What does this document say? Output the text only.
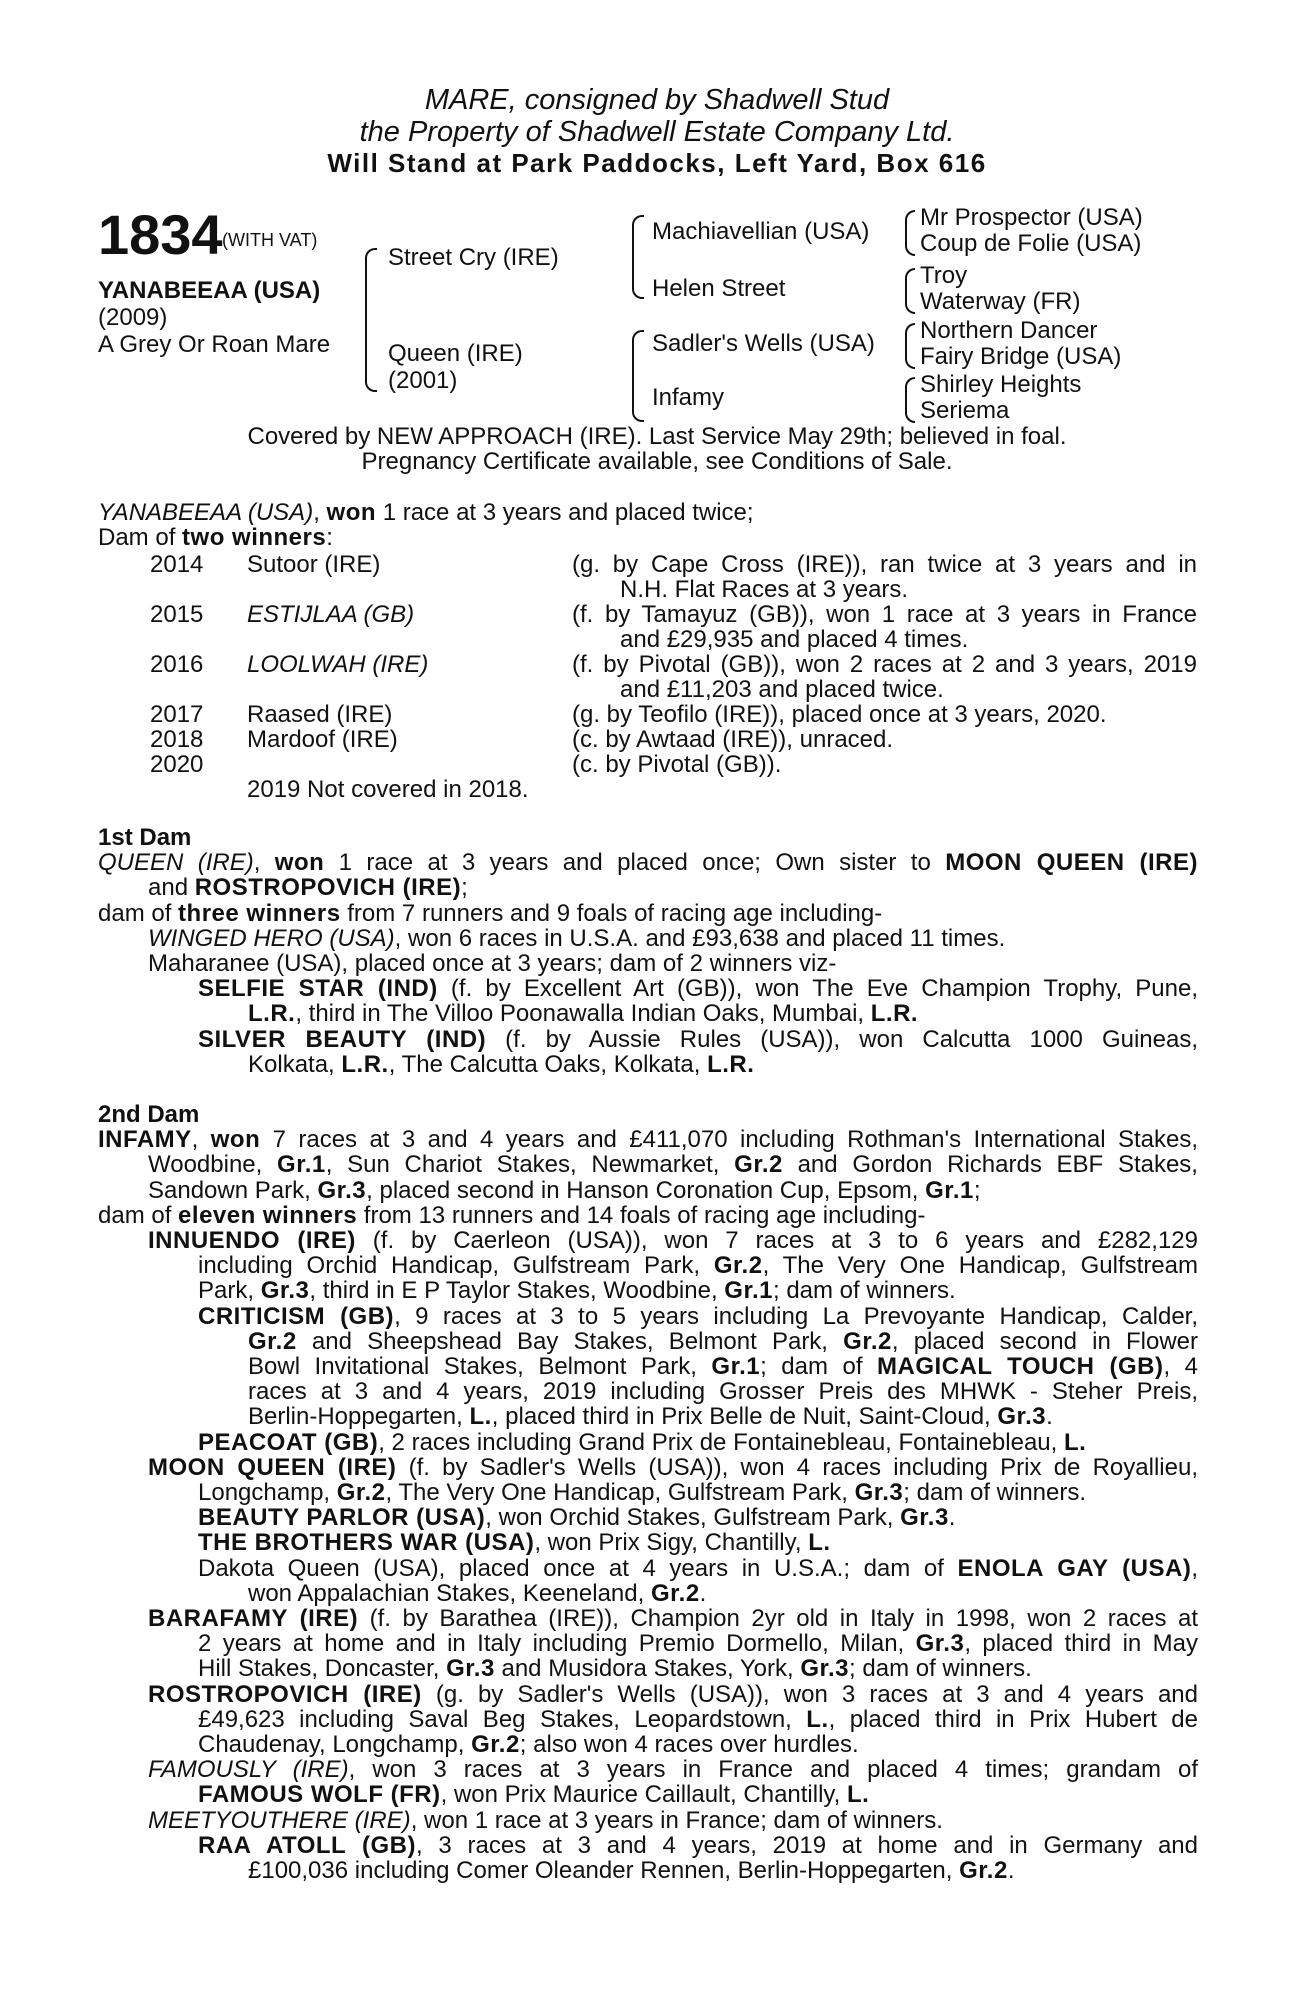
MARE, consigned by Shadwell Stud
the Property of Shadwell Estate Company Ltd.
Will Stand at Park Paddocks, Left Yard, Box 616
1834 (WITH VAT)
YANABEEAA (USA)
(2009)
A Grey Or Roan Mare
Street Cry (IRE)
Queen (IRE)
(2001)
Machiavellian (USA)
Helen Street
Sadler's Wells (USA)
Infamy
Mr Prospector (USA)
Coup de Folie (USA)
Troy
Waterway (FR)
Northern Dancer
Fairy Bridge (USA)
Shirley Heights
Seriema
Covered by NEW APPROACH (IRE). Last Service May 29th; believed in foal.
Pregnancy Certificate available, see Conditions of Sale.
YANABEEAA (USA), won 1 race at 3 years and placed twice;
Dam of two winners:
2014 Sutoor (IRE)	(g. by Cape Cross (IRE)), ran twice at 3 years and in
N.H. Flat Races at 3 years.
2015 ESTIJLAA (GB)	(f. by Tamayuz (GB)), won 1 race at 3 years in France
and £29,935 and placed 4 times.
2016 LOOLWAH (IRE)	(f. by Pivotal (GB)), won 2 races at 2 and 3 years, 2019
and £11,203 and placed twice.
2017 Raased (IRE)	(g. by Teofilo (IRE)), placed once at 3 years, 2020.
2018 Mardoof (IRE)	(c. by Awtaad (IRE)), unraced.
2020	(c. by Pivotal (GB)).
2019 Not covered in 2018.
1st Dam
QUEEN (IRE), won 1 race at 3 years and placed once; Own sister to MOON QUEEN (IRE)
and ROSTROPOVICH (IRE);
dam of three winners from 7 runners and 9 foals of racing age including-
WINGED HERO (USA), won 6 races in U.S.A. and £93,638 and placed 11 times.
Maharanee (USA), placed once at 3 years; dam of 2 winners viz-
SELFIE STAR (IND) (f. by Excellent Art (GB)), won The Eve Champion Trophy, Pune,
L.R., third in The Villoo Poonawalla Indian Oaks, Mumbai, L.R.
SILVER BEAUTY (IND) (f. by Aussie Rules (USA)), won Calcutta 1000 Guineas,
Kolkata, L.R., The Calcutta Oaks, Kolkata, L.R.
2nd Dam
INFAMY, won 7 races at 3 and 4 years and £411,070 including Rothman's International Stakes,
Woodbine, Gr.1, Sun Chariot Stakes, Newmarket, Gr.2 and Gordon Richards EBF Stakes,
Sandown Park, Gr.3, placed second in Hanson Coronation Cup, Epsom, Gr.1;
dam of eleven winners from 13 runners and 14 foals of racing age including-
INNUENDO (IRE) (f. by Caerleon (USA)), won 7 races at 3 to 6 years and £282,129
including Orchid Handicap, Gulfstream Park, Gr.2, The Very One Handicap, Gulfstream
Park, Gr.3, third in E P Taylor Stakes, Woodbine, Gr.1; dam of winners.
CRITICISM (GB), 9 races at 3 to 5 years including La Prevoyante Handicap, Calder,
Gr.2 and Sheepshead Bay Stakes, Belmont Park, Gr.2, placed second in Flower
Bowl Invitational Stakes, Belmont Park, Gr.1; dam of MAGICAL TOUCH (GB), 4
races at 3 and 4 years, 2019 including Grosser Preis des MHWK - Steher Preis,
Berlin-Hoppegarten, L., placed third in Prix Belle de Nuit, Saint-Cloud, Gr.3.
PEACOAT (GB), 2 races including Grand Prix de Fontainebleau, Fontainebleau, L.
MOON QUEEN (IRE) (f. by Sadler's Wells (USA)), won 4 races including Prix de Royallieu,
Longchamp, Gr.2, The Very One Handicap, Gulfstream Park, Gr.3; dam of winners.
BEAUTY PARLOR (USA), won Orchid Stakes, Gulfstream Park, Gr.3.
THE BROTHERS WAR (USA), won Prix Sigy, Chantilly, L.
Dakota Queen (USA), placed once at 4 years in U.S.A.; dam of ENOLA GAY (USA),
won Appalachian Stakes, Keeneland, Gr.2.
BARAFAMY (IRE) (f. by Barathea (IRE)), Champion 2yr old in Italy in 1998, won 2 races at
2 years at home and in Italy including Premio Dormello, Milan, Gr.3, placed third in May
Hill Stakes, Doncaster, Gr.3 and Musidora Stakes, York, Gr.3; dam of winners.
ROSTROPOVICH (IRE) (g. by Sadler's Wells (USA)), won 3 races at 3 and 4 years and
£49,623 including Saval Beg Stakes, Leopardstown, L., placed third in Prix Hubert de
Chaudenay, Longchamp, Gr.2; also won 4 races over hurdles.
FAMOUSLY (IRE), won 3 races at 3 years in France and placed 4 times; grandam of
FAMOUS WOLF (FR), won Prix Maurice Caillault, Chantilly, L.
MEETYOUTHERE (IRE), won 1 race at 3 years in France; dam of winners.
RAA ATOLL (GB), 3 races at 3 and 4 years, 2019 at home and in Germany and
£100,036 including Comer Oleander Rennen, Berlin-Hoppegarten, Gr.2.
